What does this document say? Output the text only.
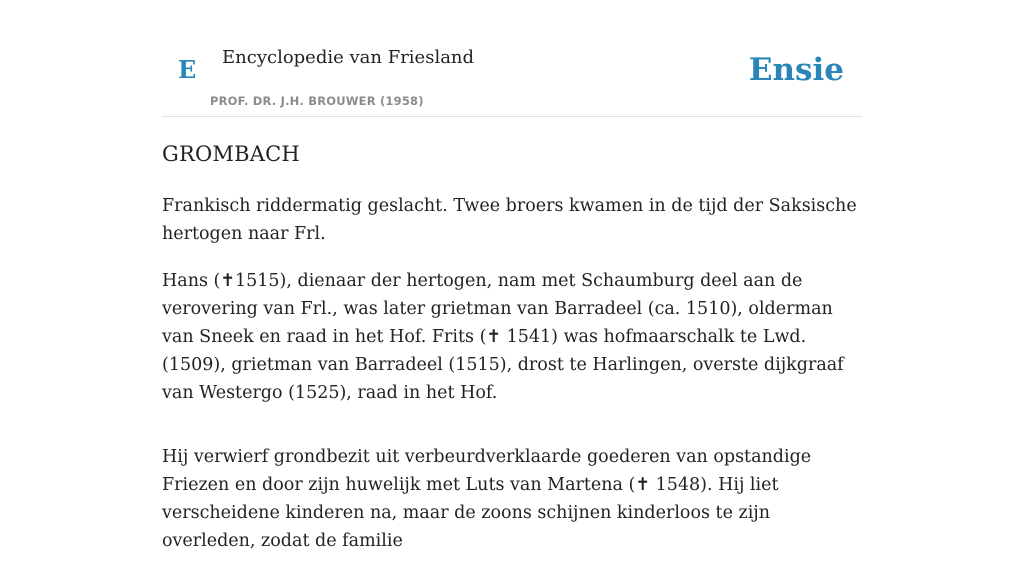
E Encyclopedie van Friesland
PROF. DR. J.H. BROUWER (1958)
Ensie
GROMBACH

Frankisch riddermatig geslacht. Twee broers kwamen in de tijd der Saksische hertogen naar Frl.

Hans (✝1515), dienaar der hertogen, nam met Schaumburg deel aan de verovering van Frl., was later grietman van Barradeel (ca. 1510), olderman van Sneek en raad in het Hof. Frits (✝ 1541) was hofmaarschalk te Lwd. (1509), grietman van Barradeel (1515), drost te Harlingen, overste dijkgraaf van Westergo (1525), raad in het Hof.

Hij verwierf grondbezit uit verbeurdverklaarde goederen van opstandige Friezen en door zijn huwelijk met Luts van Martena (✝ 1548). Hij liet verscheidene kinderen na, maar de zoons schijnen kinderloos te zijn overleden, zodat de familie
